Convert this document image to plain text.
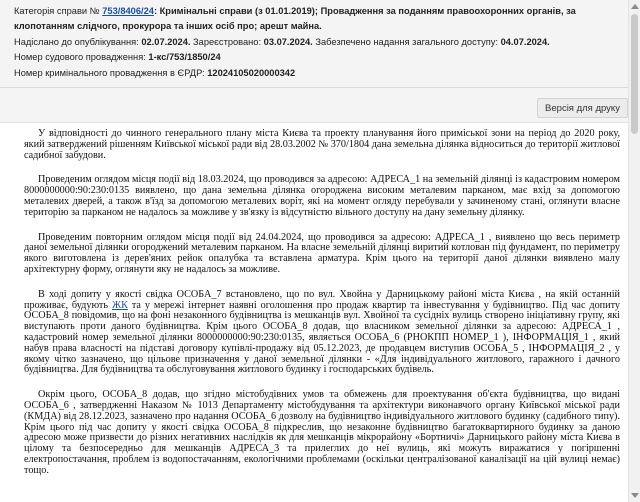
Категорія справи № 753/8406/24: Кримінальні справи (з 01.01.2019); Провадження за поданням правоохоронних органів, за клопотанням слідчого, прокурора та інших осіб про; арешт майна.
Надіслано до опублікування: 02.07.2024. Зареєстровано: 03.07.2024. Забезпечено надання загального доступу: 04.07.2024.
Номер судового провадження: 1-кс/753/1850/24
Номер кримінального провадження в ЄРДР: 12024105020000342
Версія для друку

У відповідності до чинного генерального плану міста Києва та проекту планування його приміської зони на період до 2020 року, який затверджений рішенням Київської міської ради від 28.03.2002 № 370/1804 дана земельна ділянка відноситься до території житлової садибної забудови.

Проведеним оглядом місця події від 18.03.2024, що проводився за адресою: АДРЕСА_1 на земельній ділянці із кадастровим номером 8000000000:90:230:0135 виявлено, що дана земельна ділянка огороджена високим металевим парканом, має вхід за допомогою металевих дверей, а також в'їзд за допомогою металевих воріт, які на момент огляду перебували у зачиненому стані, оглянути власне територію за парканом не надалось за можливе у зв'язку із відсутністю вільного доступу на дану земельну ділянку.

Проведеним повторним оглядом місця події від 24.04.2024, що проводився за адресою: АДРЕСА_1 , виявлено що весь периметр даної земельної ділянки огороджений металевим парканом. На власне земельній ділянці виритий котлован під фундамент, по периметру якого виготовлена із дерев'яних рейок опалубка та вставлена арматура. Крім цього на території даної ділянки виявлено малу архітектурну форму, оглянути яку не надалось за можливе.

В ході допиту у якості свідка ОСОБА_7 встановлено, що по вул. Хвойна у Дарницькому районі міста Києва , на якій останній проживає, будують ЖК та у мережі інтернет наявні оголошення про продаж квартир та інвестування у будівництво. Під час допиту ОСОБА_8 повідомив, що на фоні незаконного будівництва із мешканців вул. Хвойної та сусідніх вулиць створено ініціативну групу, які виступають проти даного будівництва. Крім цього ОСОБА_8 додав, що власником земельної ділянки за адресою: АДРЕСА_1 , кадастровий номер земельної ділянки 8000000000:90:230:0135, являється ОСОБА_6 (РНОКПП НОМЕР_1 ), ІНФОРМАЦІЯ_1 , який набув права власності на підставі договору купівлі-продажу від 05.12.2023, де продавцем виступив ОСОБА_5 , ІНФОРМАЦІЯ_2 , у якому чітко зазначено, що цільове призначення у даної земельної ділянки - «Для індивідуального житлового, гаражного і дачного будівництва. Для будівництва та обслуговування житлового будинку і господарських будівель.

Окрім цього, ОСОБА_8 додав, що згідно містобудівних умов та обмежень для проектування об'єкта будівництва, що видані ОСОБА_6 , затвердженні Наказом № 1013 Департаменту містобудування та архітектури виконавчого органу Київської міської ради (КМДА) від 28.12.2023, зазначено про надання ОСОБА_6 дозволу на будівництво індивідуального житлового будинку (садибного типу). Крім цього під час допиту у якості свідка ОСОБА_8 підкреслив, що незаконне будівництво багатоквартирного будинку за даною адресою може призвести до різних негативних наслідків як для мешканців мікрорайону «Бортничі» Дарницького району міста Києва в цілому та безпосередньо для мешканців АДРЕСА_3 та прилеглих до неї вулиць, які можуть виражатися у погіршенні електропостачання, проблем із водопостачанням, екологічними проблемами (оскільки централізованої каналізації на цій вулиці немає) тощо.
